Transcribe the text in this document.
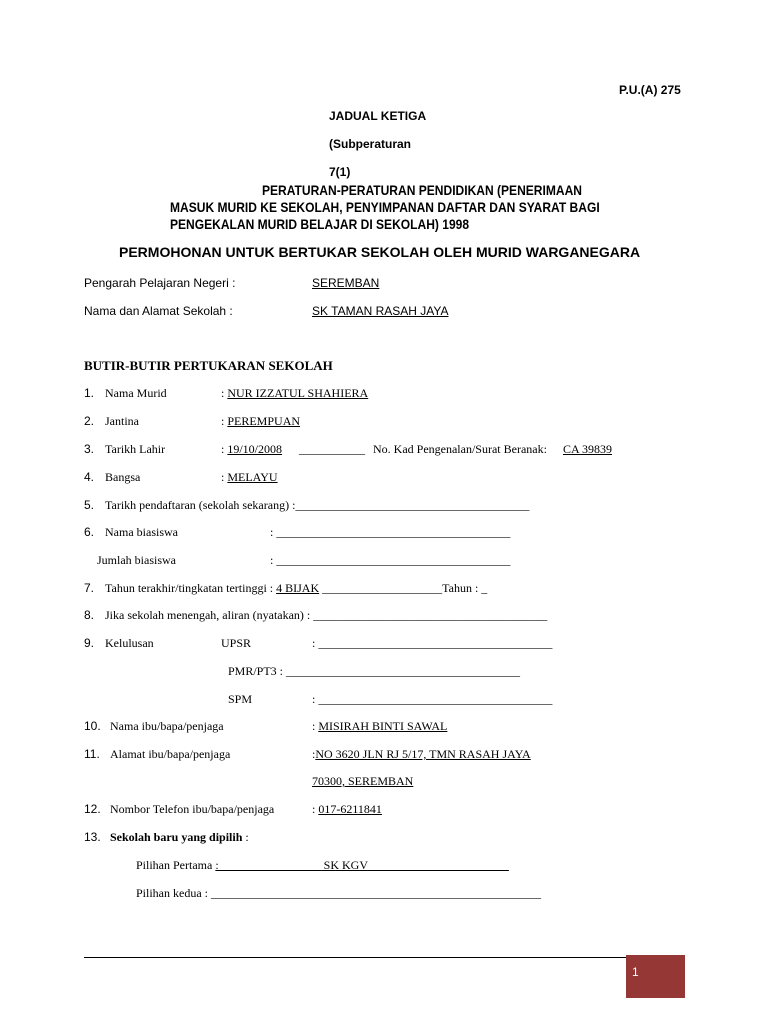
P.U.(A) 275
JADUAL KETIGA
(Subperaturan
7(1)
PERATURAN-PERATURAN PENDIDIKAN (PENERIMAAN
MASUK MURID KE SEKOLAH, PENYIMPANAN DAFTAR DAN SYARAT BAGI
PENGEKALAN MURID BELAJAR DI SEKOLAH) 1998
PERMOHONAN UNTUK BERTUKAR SEKOLAH OLEH MURID WARGANEGARA
Pengarah Pelajaran Negeri :	SEREMBAN
Nama dan Alamat Sekolah :	SK TAMAN RASAH JAYA
BUTIR-BUTIR PERTUKARAN SEKOLAH
1. Nama Murid	: NUR IZZATUL SHAHIERA
2. Jantina	: PEREMPUAN
3. Tarikh Lahir	: 19/10/2008 ___________ No. Kad Pengenalan/Surat Beranak: CA 39839
4. Bangsa	: MELAYU
5. Tarikh pendaftaran (sekolah sekarang) :_______________________________________
6. Nama biasiswa	: _______________________________________
Jumlah biasiswa	: _______________________________________
7. Tahun terakhir/tingkatan tertinggi : 4 BIJAK ____________________Tahun : _
8. Jika sekolah menengah, aliran (nyatakan) : _______________________________________
9. Kelulusan	UPSR	: _______________________________________
PMR/PT3 : _______________________________________
SPM	: _______________________________________
10. Nama ibu/bapa/penjaga	: MISIRAH BINTI SAWAL
11. Alamat ibu/bapa/penjaga	:NO 3620 JLN RJ 5/17, TMN RASAH JAYA
70300, SEREMBAN
12. Nombor Telefon ibu/bapa/penjaga	: 017-6211841
13. Sekolah baru yang dipilih :
Pilihan Pertama :_________________ SK KGV _______________________
Pilihan kedua : _______________________________________________________
1
